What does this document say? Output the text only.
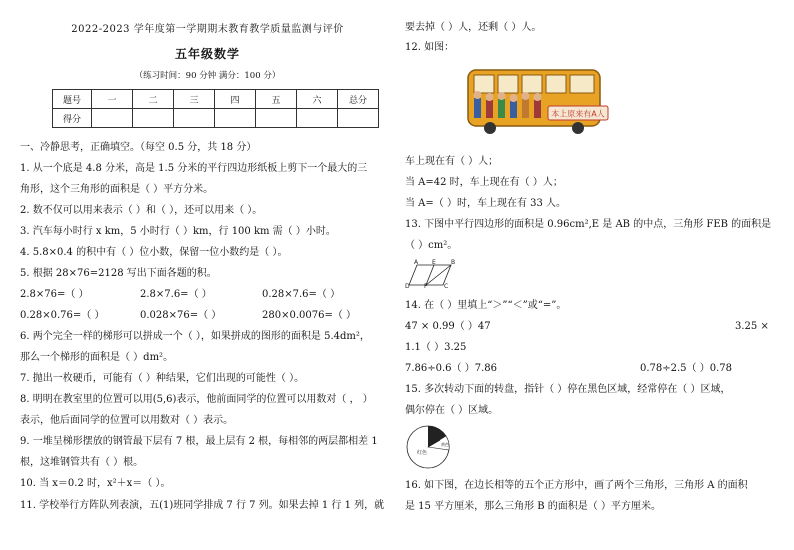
2022-2023 学年度第一学期期末教育教学质量监测与评价
五年级数学
（练习时间：90 分钟 满分：100 分）
题号	一	二	三	四	五	六	总分
得分							
一、冷静思考，正确填空。（每空 0.5 分，共 18 分）
1. 从一个底是 4.8 分米，高是 1.5 分米的平行四边形纸板上剪下一个最大的三
角形，这个三角形的面积是（ ）平方分米。
2. 数不仅可以用来表示（ ）和（ ），还可以用来（ ）。
3. 汽车每小时行 x km，5 小时行（ ）km，行 100 km 需（ ）小时。
4. 5.8×0.4 的积中有（ ）位小数，保留一位小数约是（ ）。
5. 根据 28×76=2128 写出下面各题的积。
2.8×76=（ ）	2.8×7.6=（ ）	0.28×7.6=（ ）
0.28×0.76=（ ）	0.028×76=（ ）	280×0.0076=（ ）
6. 两个完全一样的梯形可以拼成一个（ ），如果拼成的图形的面积是 5.4dm²，
那么一个梯形的面积是（ ）dm²。
7. 抛出一枚硬币，可能有（ ）种结果，它们出现的可能性（ ）。
8. 明明在教室里的位置可以用(5,6)表示，他前面同学的位置可以用数对（ ， ）
表示，他后面同学的位置可以用数对（ ）表示。
9. 一堆呈梯形摆放的钢管最下层有 7 根，最上层有 2 根，每相邻的两层都相差 1
根，这堆钢管共有（ ）根。
10. 当 x＝0.2 时，x²＋x＝（ ）。
11. 学校举行方阵队列表演，五(1)班同学排成 7 行 7 列。如果去掉 1 行 1 列，就
要去掉（ ）人，还剩（ ）人。
12. 如图：
本上原来有A人
车上现在有（ ）人；
当 A=42 时，车上现在有（ ）人；
当 A=（ ）时，车上现在有 33 人。
13. 下图中平行四边形的面积是 0.96cm²,E 是 AB 的中点，三角形 FEB 的面积是
（ ）cm²。
A E	B
D F	C
14. 在（ ）里填上“＞”“＜”或“=”。
47 × 0.99（ ）47	3.25 ×
1.1（ ）3.25
7.86÷0.6（ ）7.86	0.78÷2.5（ ）0.78
15. 多次转动下面的转盘，指针（ ）停在黑色区域，经常停在（ ）区域，
偶尔停在（ ）区域。
红色
黄色
16. 如下图，在边长相等的五个正方形中，画了两个三角形，三角形 A 的面积
是 15 平方厘米，那么三角形 B 的面积是（ ）平方厘米。
